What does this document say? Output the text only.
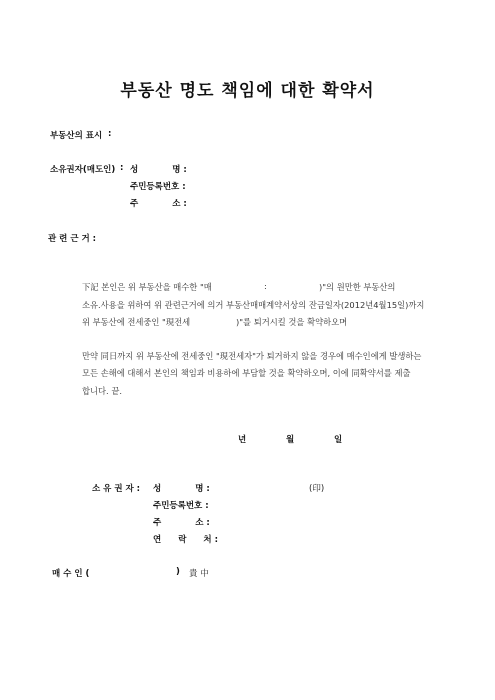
부동산 명도 책임에 대한 확약서
부동산의 표시 :
소유권자(매도인) : 성　　　　명 :
주민등록번호 :
주　　　　소 :
관 련 근 거 :
下記 본인은 위 부동산을 매수한 "매	:	)"의 원만한 부동산의
소유.사용을 위하여 위 관련근거에 의거 부동산매매계약서상의 잔금일자(2012년4월15일)까지
위 부동산에 전세중인 "現전세	)"를 퇴거시킬 것을 확약하오며
만약 同日까지 위 부동산에 전세중인 "現전세자"가 퇴거하지 않을 경우에 매수인에게 발생하는
모든 손해에 대해서 본인의 책임과 비용하에 부담할 것을 확약하오며, 이에 同확약서를 제출
합니다. 끝.
년	월	일
소 유 권 자 : 성　　　　명 :	(印)
주민등록번호 :
주　　　　소 :
연　　락　　처 :
매 수 인 (	) 貴 中
